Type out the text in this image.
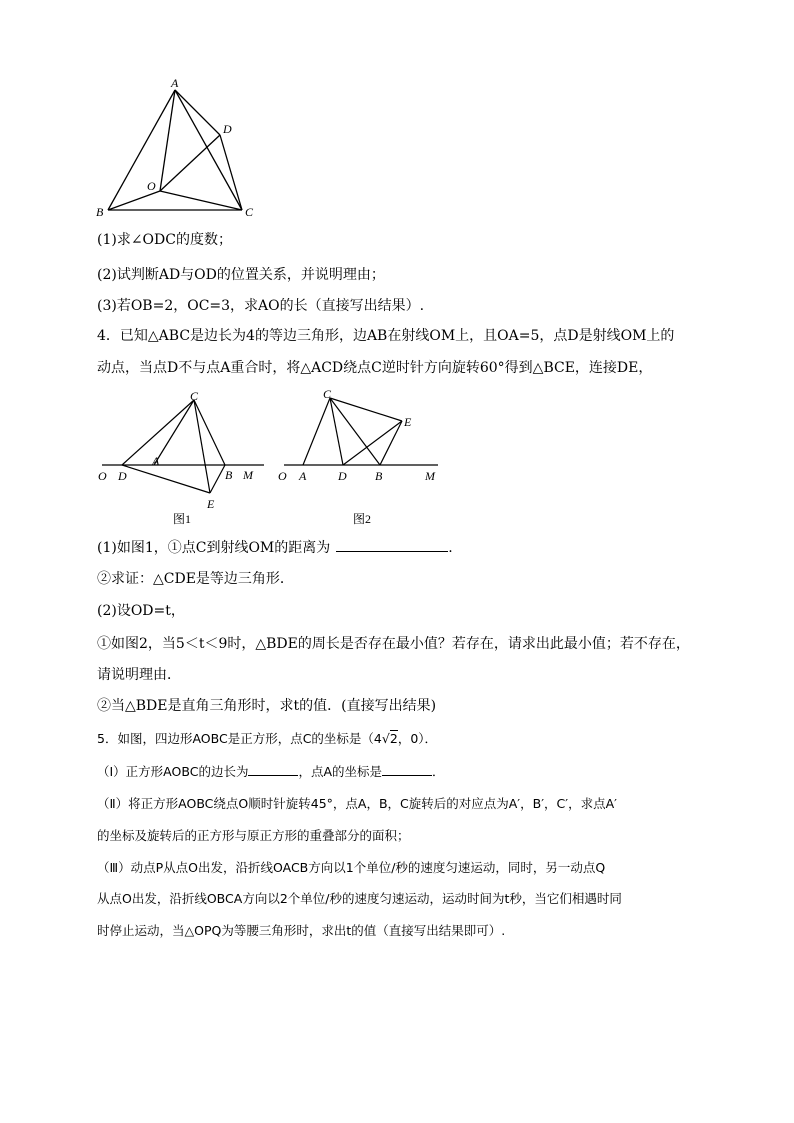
A
D
O
B	C
(1)求∠ODC的度数；
(2)试判断AD与OD的位置关系，并说明理由；
(3)若OB=2，OC=3，求AO的长（直接写出结果）.
4．已知△ABC是边长为4的等边三角形，边AB在射线OM上，且OA=5，点D是射线OM上的
动点，当点D不与点A重合时，将△ACD绕点C逆时针方向旋转60°得到△BCE，连接DE，
C
A
O D	B M
E
图1
C
E
O A	D B	M
图2
(1)如图1，①点C到射线OM的距离为	.
②求证：△CDE是等边三角形．
(2)设OD=t，
①如图2，当5＜t＜9时，△BDE的周长是否存在最小值？若存在，请求出此最小值；若不存在，
请说明理由．
②当△BDE是直角三角形时，求t的值．(直接写出结果)
5．如图，四边形AOBC是正方形，点C的坐标是（4√2，0）．
（Ⅰ）正方形AOBC的边长为	，点A的坐标是	．
（Ⅱ）将正方形AOBC绕点O顺时针旋转45°，点A，B，C旋转后的对应点为A′，B′，C′，求点A′
的坐标及旋转后的正方形与原正方形的重叠部分的面积；
（Ⅲ）动点P从点O出发，沿折线OACB方向以1个单位/秒的速度匀速运动，同时，另一动点Q
从点O出发，沿折线OBCA方向以2个单位/秒的速度匀速运动，运动时间为t秒，当它们相遇时同
时停止运动，当△OPQ为等腰三角形时，求出t的值（直接写出结果即可）.
